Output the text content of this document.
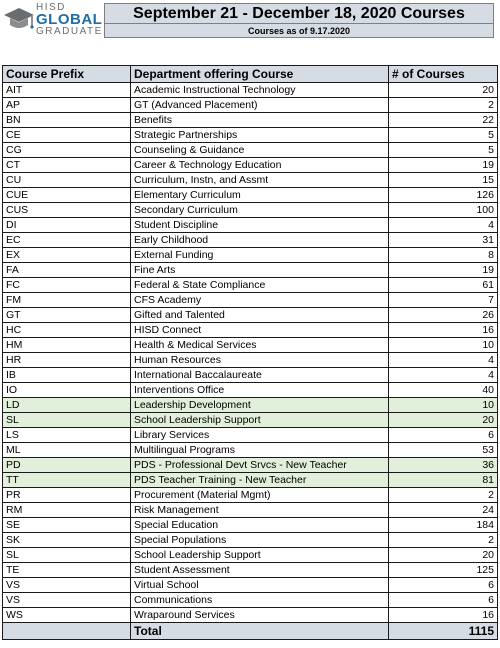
HISD
GLOBAL
GRADUATE
September 21 - December 18, 2020 Courses
Courses as of 9.17.2020
Course Prefix	Department offering Course	# of Courses
AIT	Academic Instructional Technology	20
AP	GT (Advanced Placement)	2
BN	Benefits	22
CE	Strategic Partnerships	5
CG	Counseling & Guidance	5
CT	Career & Technology Education	19
CU	Curriculum, Instn, and Assmt	15
CUE	Elementary Curriculum	126
CUS	Secondary Curriculum	100
DI	Student Discipline	4
EC	Early Childhood	31
EX	External Funding	8
FA	Fine Arts	19
FC	Federal & State Compliance	61
FM	CFS Academy	7
GT	Gifted and Talented	26
HC	HISD Connect	16
HM	Health & Medical Services	10
HR	Human Resources	4
IB	International Baccalaureate	4
IO	Interventions Office	40
LD	Leadership Development	10
SL	School Leadership Support	20
LS	Library Services	6
ML	Multilingual Programs	53
PD	PDS - Professional Devt Srvcs - New Teacher	36
TT	PDS Teacher Training - New Teacher	81
PR	Procurement (Material Mgmt)	2
RM	Risk Management	24
SE	Special Education	184
SK	Special Populations	2
SL	School Leadership Support	20
TE	Student Assessment	125
VS	Virtual School	6
VS	Communications	6
WS	Wraparound Services	16
	Total	1115
